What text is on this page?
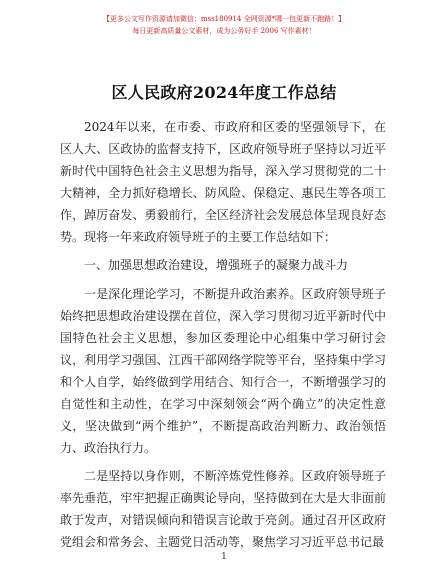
【更多公文写作资源请加微信：mss180914 全网资源*哪一包更新不跑路！】
每日更新高质量公文素材，成为公务好手 2006 写作素材！
区人民政府2024年度工作总结

2024年以来，在市委、市政府和区委的坚强领导下，在区人大、区政协的监督支持下，区政府领导班子坚持以习近平新时代中国特色社会主义思想为指导，深入学习贯彻党的二十大精神，全力抓好稳增长、防风险、保稳定、惠民生等各项工作，踔厉奋发、勇毅前行，全区经济社会发展总体呈现良好态势。现将一年来政府领导班子的主要工作总结如下：

一、加强思想政治建设，增强班子的凝聚力战斗力

一是深化理论学习，不断提升政治素养。区政府领导班子始终把思想政治建设摆在首位，深入学习贯彻习近平新时代中国特色社会主义思想，参加区委理论中心组集中学习研讨会议，利用学习强国、江西干部网络学院等平台，坚持集中学习和个人自学，始终做到学用结合、知行合一，不断增强学习的自觉性和主动性，在学习中深刻领会“两个确立”的决定性意义，坚决做到“两个维护”，不断提高政治判断力、政治领悟力、政治执行力。

二是坚持以身作则，不断淬炼党性修养。区政府领导班子率先垂范，牢牢把握正确舆论导向，坚持做到在大是大非面前敢于发声，对错误倾向和错误言论敢于亮剑。通过召开区政府党组会和常务会、主题党日活动等，聚焦学习习近平总书记最

1
